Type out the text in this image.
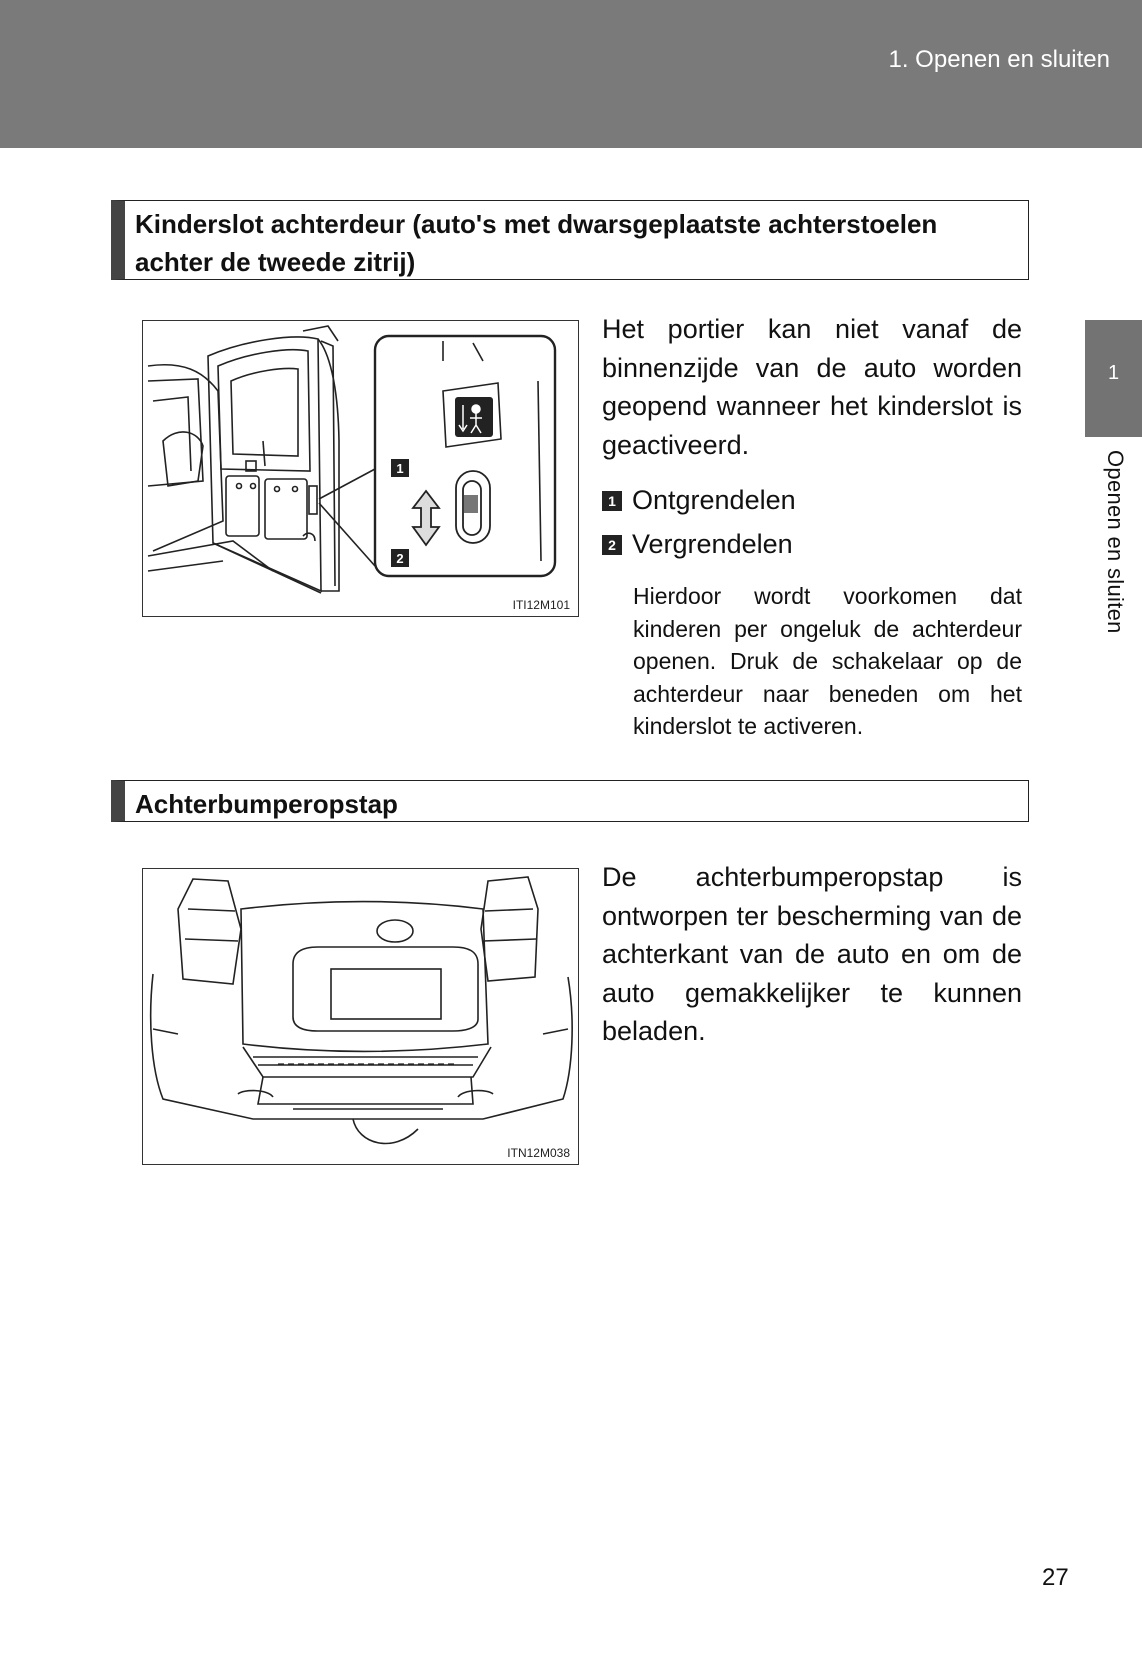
1. Openen en sluiten
1
Openen en sluiten
Kinderslot achterdeur (auto's met dwarsgeplaatste achterstoelen achter de tweede zitrij)
1
2
ITI12M101
Het portier kan niet vanaf de binnenzijde van de auto worden geopend wanneer het kinderslot is geactiveerd.
1 Ontgrendelen
2 Vergrendelen
Hierdoor wordt voorkomen dat kinderen per ongeluk de achterdeur openen. Druk de schakelaar op de achterdeur naar beneden om het kinderslot te activeren.
Achterbumperopstap
ITN12M038
De achterbumperopstap is ontworpen ter bescherming van de achterkant van de auto en om de auto gemakkelijker te kunnen beladen.
27
